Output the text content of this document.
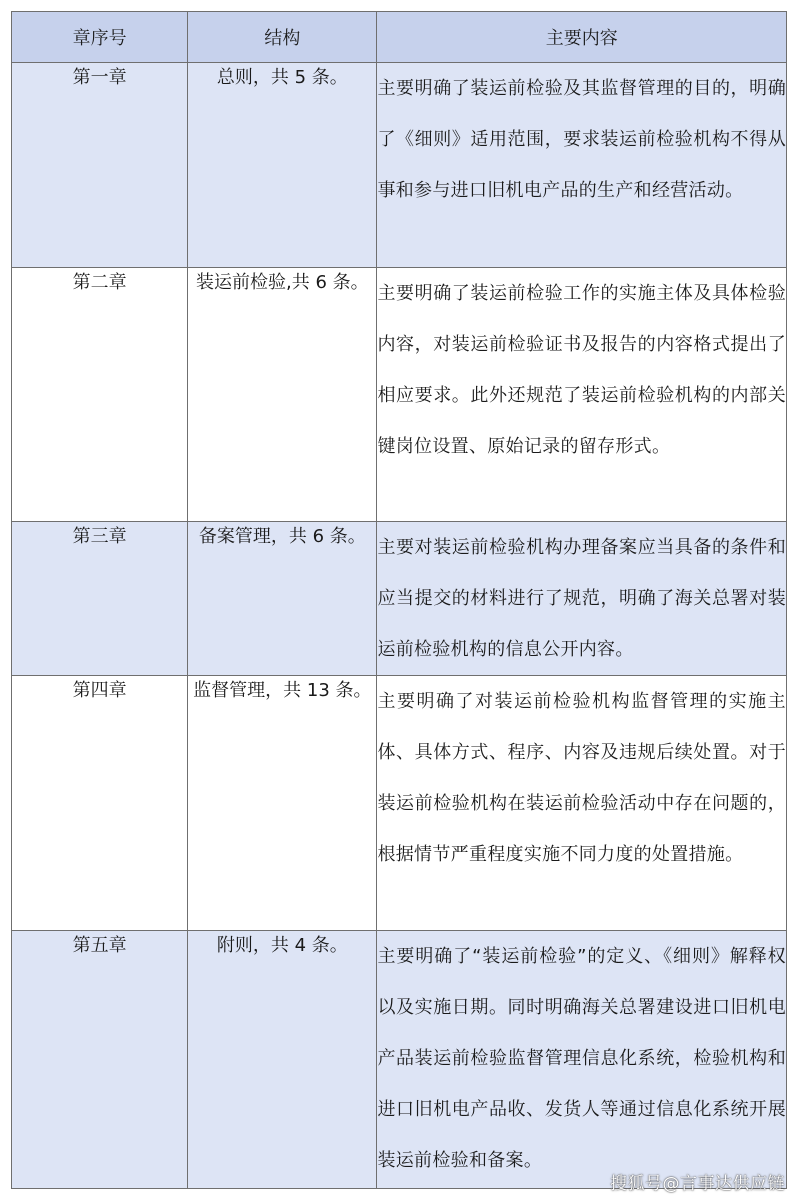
章序号	结构	主要内容
第一章	总则，共 5 条。	主要明确了装运前检验及其监督管理的目的，明确了《细则》适用范围，要求装运前检验机构不得从事和参与进口旧机电产品的生产和经营活动。
第二章	装运前检验,共 6 条。	主要明确了装运前检验工作的实施主体及具体检验内容，对装运前检验证书及报告的内容格式提出了相应要求。此外还规范了装运前检验机构的内部关键岗位设置、原始记录的留存形式。
第三章	备案管理，共 6 条。	主要对装运前检验机构办理备案应当具备的条件和应当提交的材料进行了规范，明确了海关总署对装运前检验机构的信息公开内容。
第四章	监督管理，共 13 条。	主要明确了对装运前检验机构监督管理的实施主体、具体方式、程序、内容及违规后续处置。对于装运前检验机构在装运前检验活动中存在问题的，根据情节严重程度实施不同力度的处置措施。
第五章	附则，共 4 条。	主要明确了“装运前检验”的定义、《细则》解释权以及实施日期。同时明确海关总署建设进口旧机电产品装运前检验监督管理信息化系统，检验机构和进口旧机电产品收、发货人等通过信息化系统开展装运前检验和备案。
搜狐号@言事达供应链
